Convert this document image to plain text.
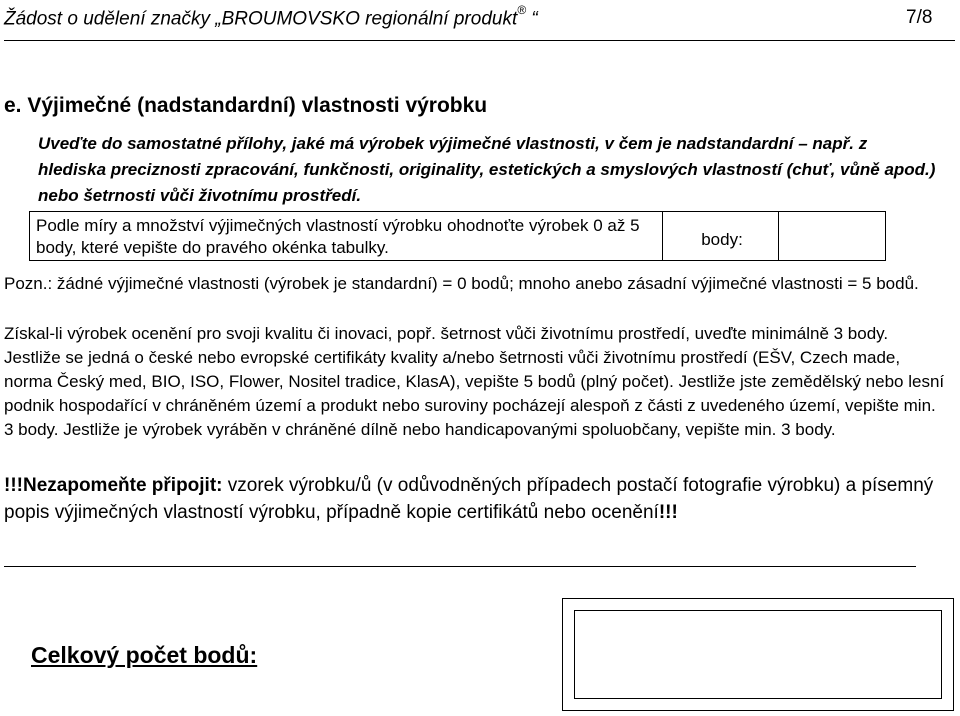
Žádost o udělení značky „BROUMOVSKO regionální produkt® “	7/8
e. Výjimečné (nadstandardní) vlastnosti výrobku
Uveďte do samostatné přílohy, jaké má výrobek výjimečné vlastnosti, v čem je nadstandardní – např. z hlediska preciznosti zpracování, funkčnosti, originality, estetických a smyslových vlastností (chuť, vůně apod.) nebo šetrnosti vůči životnímu prostředí.
Podle míry a množství výjimečných vlastností výrobku ohodnoťte výrobek 0 až 5 body, které vepište do pravého okénka tabulky.	body:
Pozn.: žádné výjimečné vlastnosti (výrobek je standardní) = 0 bodů; mnoho anebo zásadní výjimečné vlastnosti = 5 bodů.
Získal-li výrobek ocenění pro svoji kvalitu či inovaci, popř. šetrnost vůči životnímu prostředí, uveďte minimálně 3 body. Jestliže se jedná o české nebo evropské certifikáty kvality a/nebo šetrnosti vůči životnímu prostředí (EŠV, Czech made, norma Český med, BIO, ISO, Flower, Nositel tradice, KlasA), vepište 5 bodů (plný počet). Jestliže jste zemědělský nebo lesní podnik hospodařící v chráněném území a produkt nebo suroviny pocházejí alespoň z části z uvedeného území, vepište min. 3 body. Jestliže je výrobek vyráběn v chráněné dílně nebo handicapovanými spoluobčany, vepište min. 3 body.
!!!Nezapomeňte připojit: vzorek výrobku/ů (v odůvodněných případech postačí fotografie výrobku) a písemný popis výjimečných vlastností výrobku, případně kopie certifikátů nebo ocenění!!!
Celkový počet bodů:
